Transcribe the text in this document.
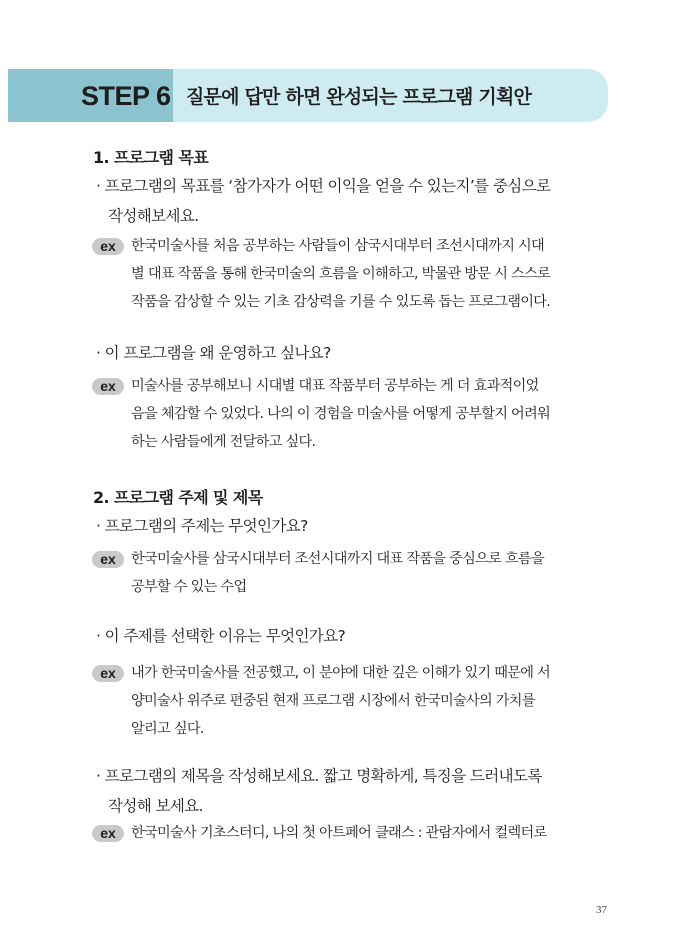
STEP 6 질문에 답만 하면 완성되는 프로그램 기획안
1. 프로그램 목표
· 프로그램의 목표를 ‘참가자가 어떤 이익을 얻을 수 있는지’를 중심으로
작성해보세요.
ex	한국미술사를 처음 공부하는 사람들이 삼국시대부터 조선시대까지 시대
별 대표 작품을 통해 한국미술의 흐름을 이해하고, 박물관 방문 시 스스로
작품을 감상할 수 있는 기초 감상력을 기를 수 있도록 돕는 프로그램이다.
· 이 프로그램을 왜 운영하고 싶나요?
ex	미술사를 공부해보니 시대별 대표 작품부터 공부하는 게 더 효과적이었
음을 체감할 수 있었다. 나의 이 경험을 미술사를 어떻게 공부할지 어려워
하는 사람들에게 전달하고 싶다.
2. 프로그램 주제 및 제목
· 프로그램의 주제는 무엇인가요?
ex	한국미술사를 삼국시대부터 조선시대까지 대표 작품을 중심으로 흐름을
공부할 수 있는 수업
· 이 주제를 선택한 이유는 무엇인가요?
ex	내가 한국미술사를 전공했고, 이 분야에 대한 깊은 이해가 있기 때문에 서
양미술사 위주로 편중된 현재 프로그램 시장에서 한국미술사의 가치를
알리고 싶다.
· 프로그램의 제목을 작성해보세요. 짧고 명확하게, 특징을 드러내도록
작성해 보세요.
ex	한국미술사 기초스터디, 나의 첫 아트페어 클래스 : 관람자에서 컬렉터로
37
